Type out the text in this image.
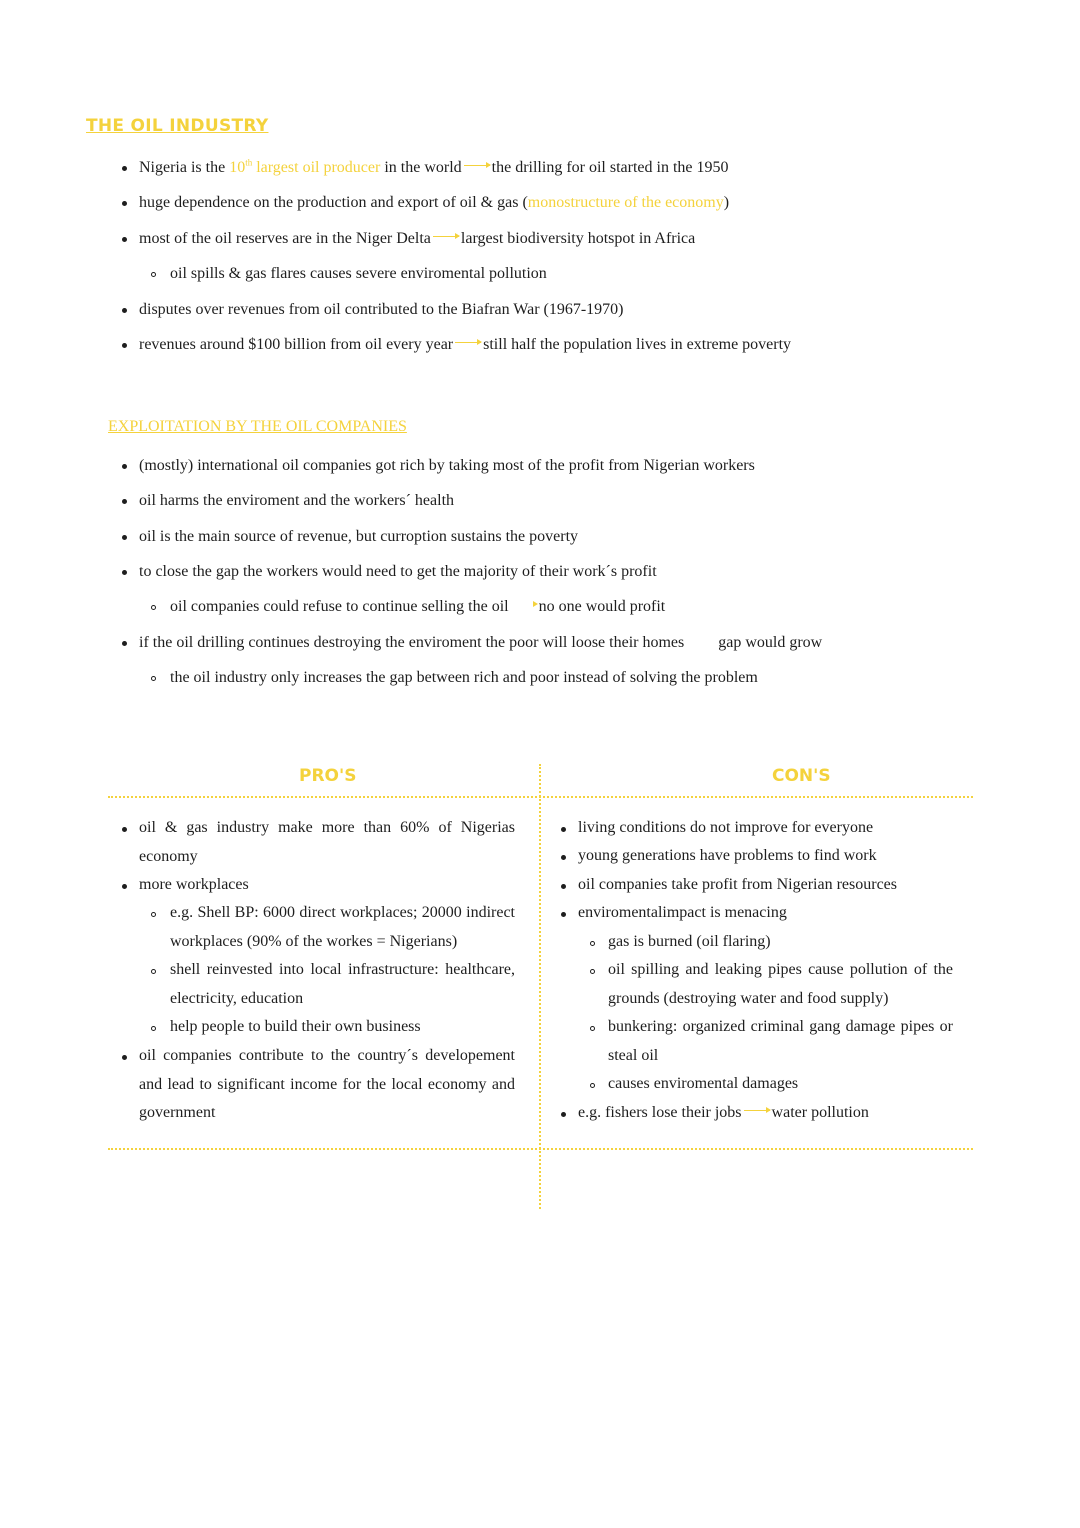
THE OIL INDUSTRY
Nigeria is the 10th largest oil producer in the world the drilling for oil started in the 1950
huge dependence on the production and export of oil & gas (monostructure of the economy)
most of the oil reserves are in the Niger Delta largest biodiversity hotspot in Africa
oil spills & gas flares causes severe enviromental pollution
disputes over revenues from oil contributed to the Biafran War (1967-1970)
revenues around $100 billion from oil every year still half the population lives in extreme poverty
EXPLOITATION BY THE OIL COMPANIES
(mostly) international oil companies got rich by taking most of the profit from Nigerian workers
oil harms the enviroment and the workers´ health
oil is the main source of revenue, but curroption sustains the poverty
to close the gap the workers would need to get the majority of their work´s profit
oil companies could refuse to continue selling the oil no one would profit
if the oil drilling continues destroying the enviroment the poor will loose their homes gap would grow
the oil industry only increases the gap between rich and poor instead of solving the problem
PRO'S	CON'S
oil & gas industry make more than 60% of Nigerias economy
more workplaces
e.g. Shell BP: 6000 direct workplaces; 20000 indirect workplaces (90% of the workes = Nigerians)
shell reinvested into local infrastructure: healthcare, electricity, education
help people to build their own business
oil companies contribute to the country´s developement and lead to significant income for the local economy and government
living conditions do not improve for everyone
young generations have problems to find work
oil companies take profit from Nigerian resources
enviromentalimpact is menacing
gas is burned (oil flaring)
oil spilling and leaking pipes cause pollution of the grounds (destroying water and food supply)
bunkering: organized criminal gang damage pipes or steal oil
causes enviromental damages
e.g. fishers lose their jobs water pollution
